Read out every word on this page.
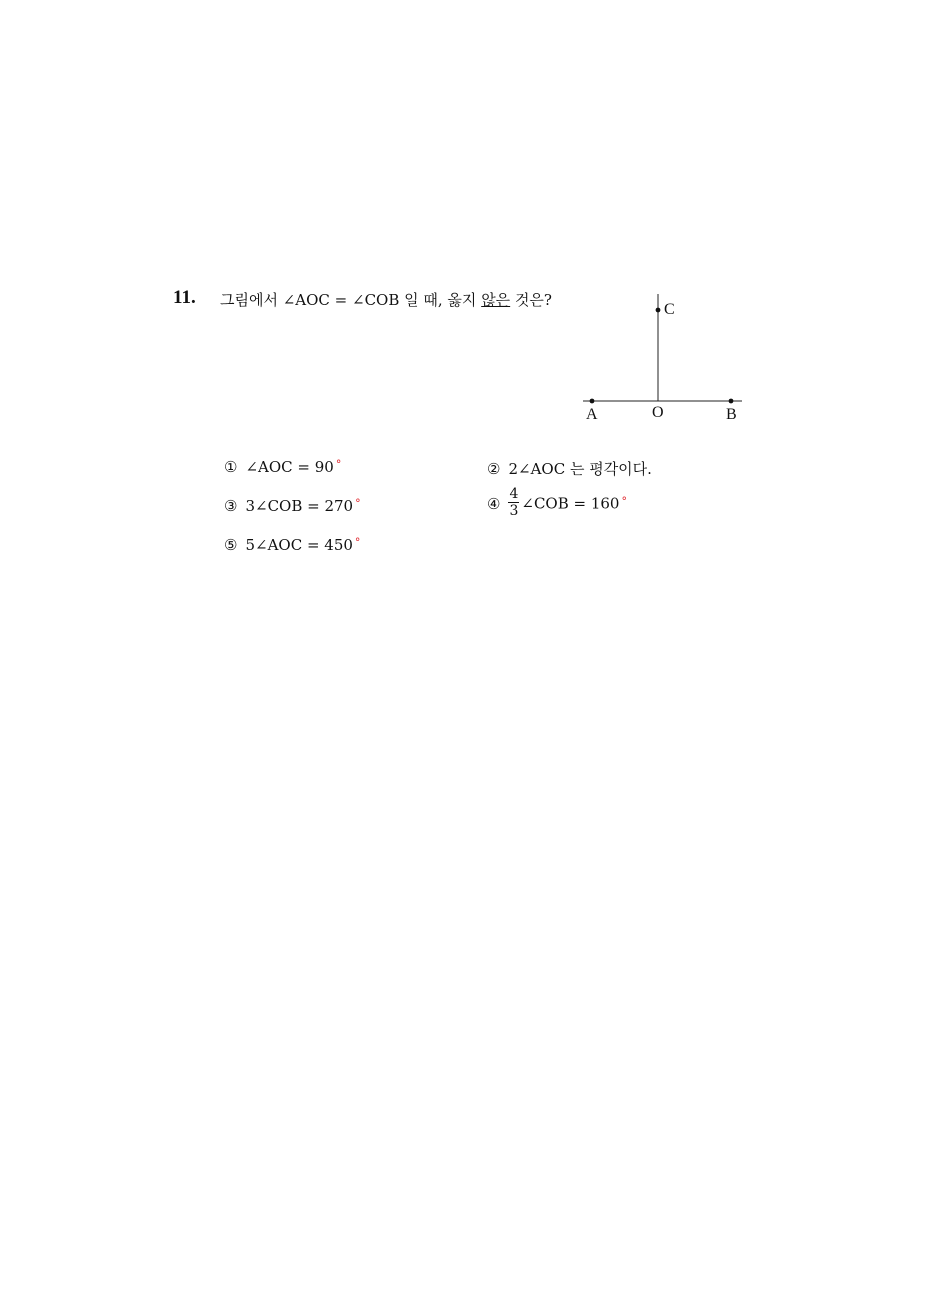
11. 그림에서 ∠AOC = ∠COB 일 때, 옳지 않은 것은?
C
A	O	B
① ∠AOC = 90 °	② 2∠AOC 는 평각이다.
③ 3∠COB = 270 °	④ $\frac{4}{3}$ ∠COB = 160 °
⑤ 5∠AOC = 450 °
